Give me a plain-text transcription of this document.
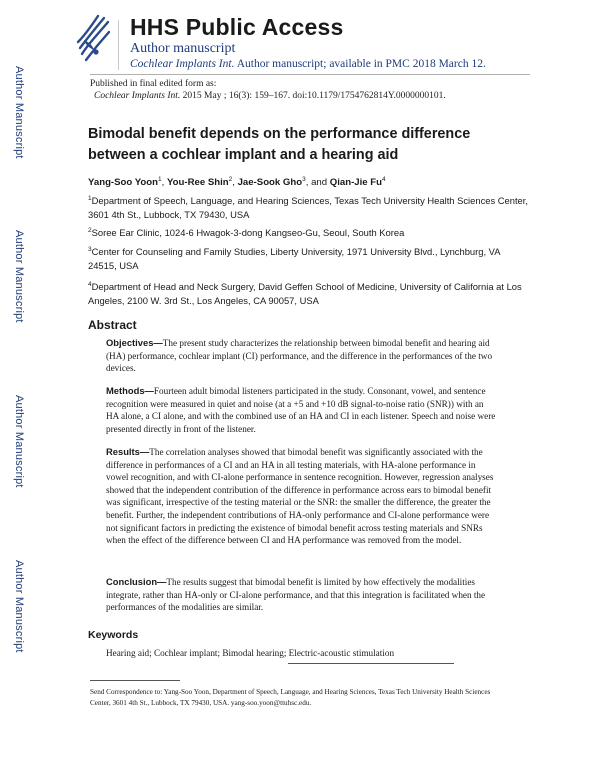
Author Manuscript
Author Manuscript
Author Manuscript
Author Manuscript
HHS Public Access
Author manuscript
Cochlear Implants Int. Author manuscript; available in PMC 2018 March 12.
Published in final edited form as:
Cochlear Implants Int. 2015 May ; 16(3): 159–167. doi:10.1179/1754762814Y.0000000101.
Bimodal benefit depends on the performance difference between a cochlear implant and a hearing aid
Yang-Soo Yoon$^1$, You-Ree Shin$^2$, Jae-Sook Gho$^3$, and Qian-Jie Fu$^4$
$^1$Department of Speech, Language, and Hearing Sciences, Texas Tech University Health Sciences Center, 3601 4th St., Lubbock, TX 79430, USA
$^2$Soree Ear Clinic, 1024-6 Hwagok-3-dong Kangseo-Gu, Seoul, South Korea
$^3$Center for Counseling and Family Studies, Liberty University, 1971 University Blvd., Lynchburg, VA 24515, USA
$^4$Department of Head and Neck Surgery, David Geffen School of Medicine, University of California at Los Angeles, 2100 W. 3rd St., Los Angeles, CA 90057, USA
Abstract
Objectives—The present study characterizes the relationship between bimodal benefit and hearing aid (HA) performance, cochlear implant (CI) performance, and the difference in the performances of the two devices.
Methods—Fourteen adult bimodal listeners participated in the study. Consonant, vowel, and sentence recognition were measured in quiet and noise (at a +5 and +10 dB signal-to-noise ratio (SNR)) with an HA alone, a CI alone, and with the combined use of an HA and CI in each listener. Speech and noise were presented directly in front of the listener.
Results—The correlation analyses showed that bimodal benefit was significantly associated with the difference in performances of a CI and an HA in all testing materials, with HA-alone performance in vowel recognition, and with CI-alone performance in sentence recognition. However, regression analyses showed that the independent contribution of the difference in performance across ears to bimodal benefit was significant, irrespective of the testing material or the SNR: the smaller the difference, the greater the benefit. Further, the independent contributions of HA-only performance and CI-alone performance were not significant factors in predicting the existence of bimodal benefit across testing materials and SNRs when the effect of the difference between CI and HA performance was removed from the model.
Conclusion—The results suggest that bimodal benefit is limited by how effectively the modalities integrate, rather than HA-only or CI-alone performance, and that this integration is facilitated when the performances of the modalities are similar.
Keywords
Hearing aid; Cochlear implant; Bimodal hearing; Electric-acoustic stimulation
Send Correspondence to: Yang-Soo Yoon, Department of Speech, Language, and Hearing Sciences, Texas Tech University Health Sciences Center, 3601 4th St., Lubbock, TX 79430, USA. yang-soo.yoon@ttuhsc.edu.
